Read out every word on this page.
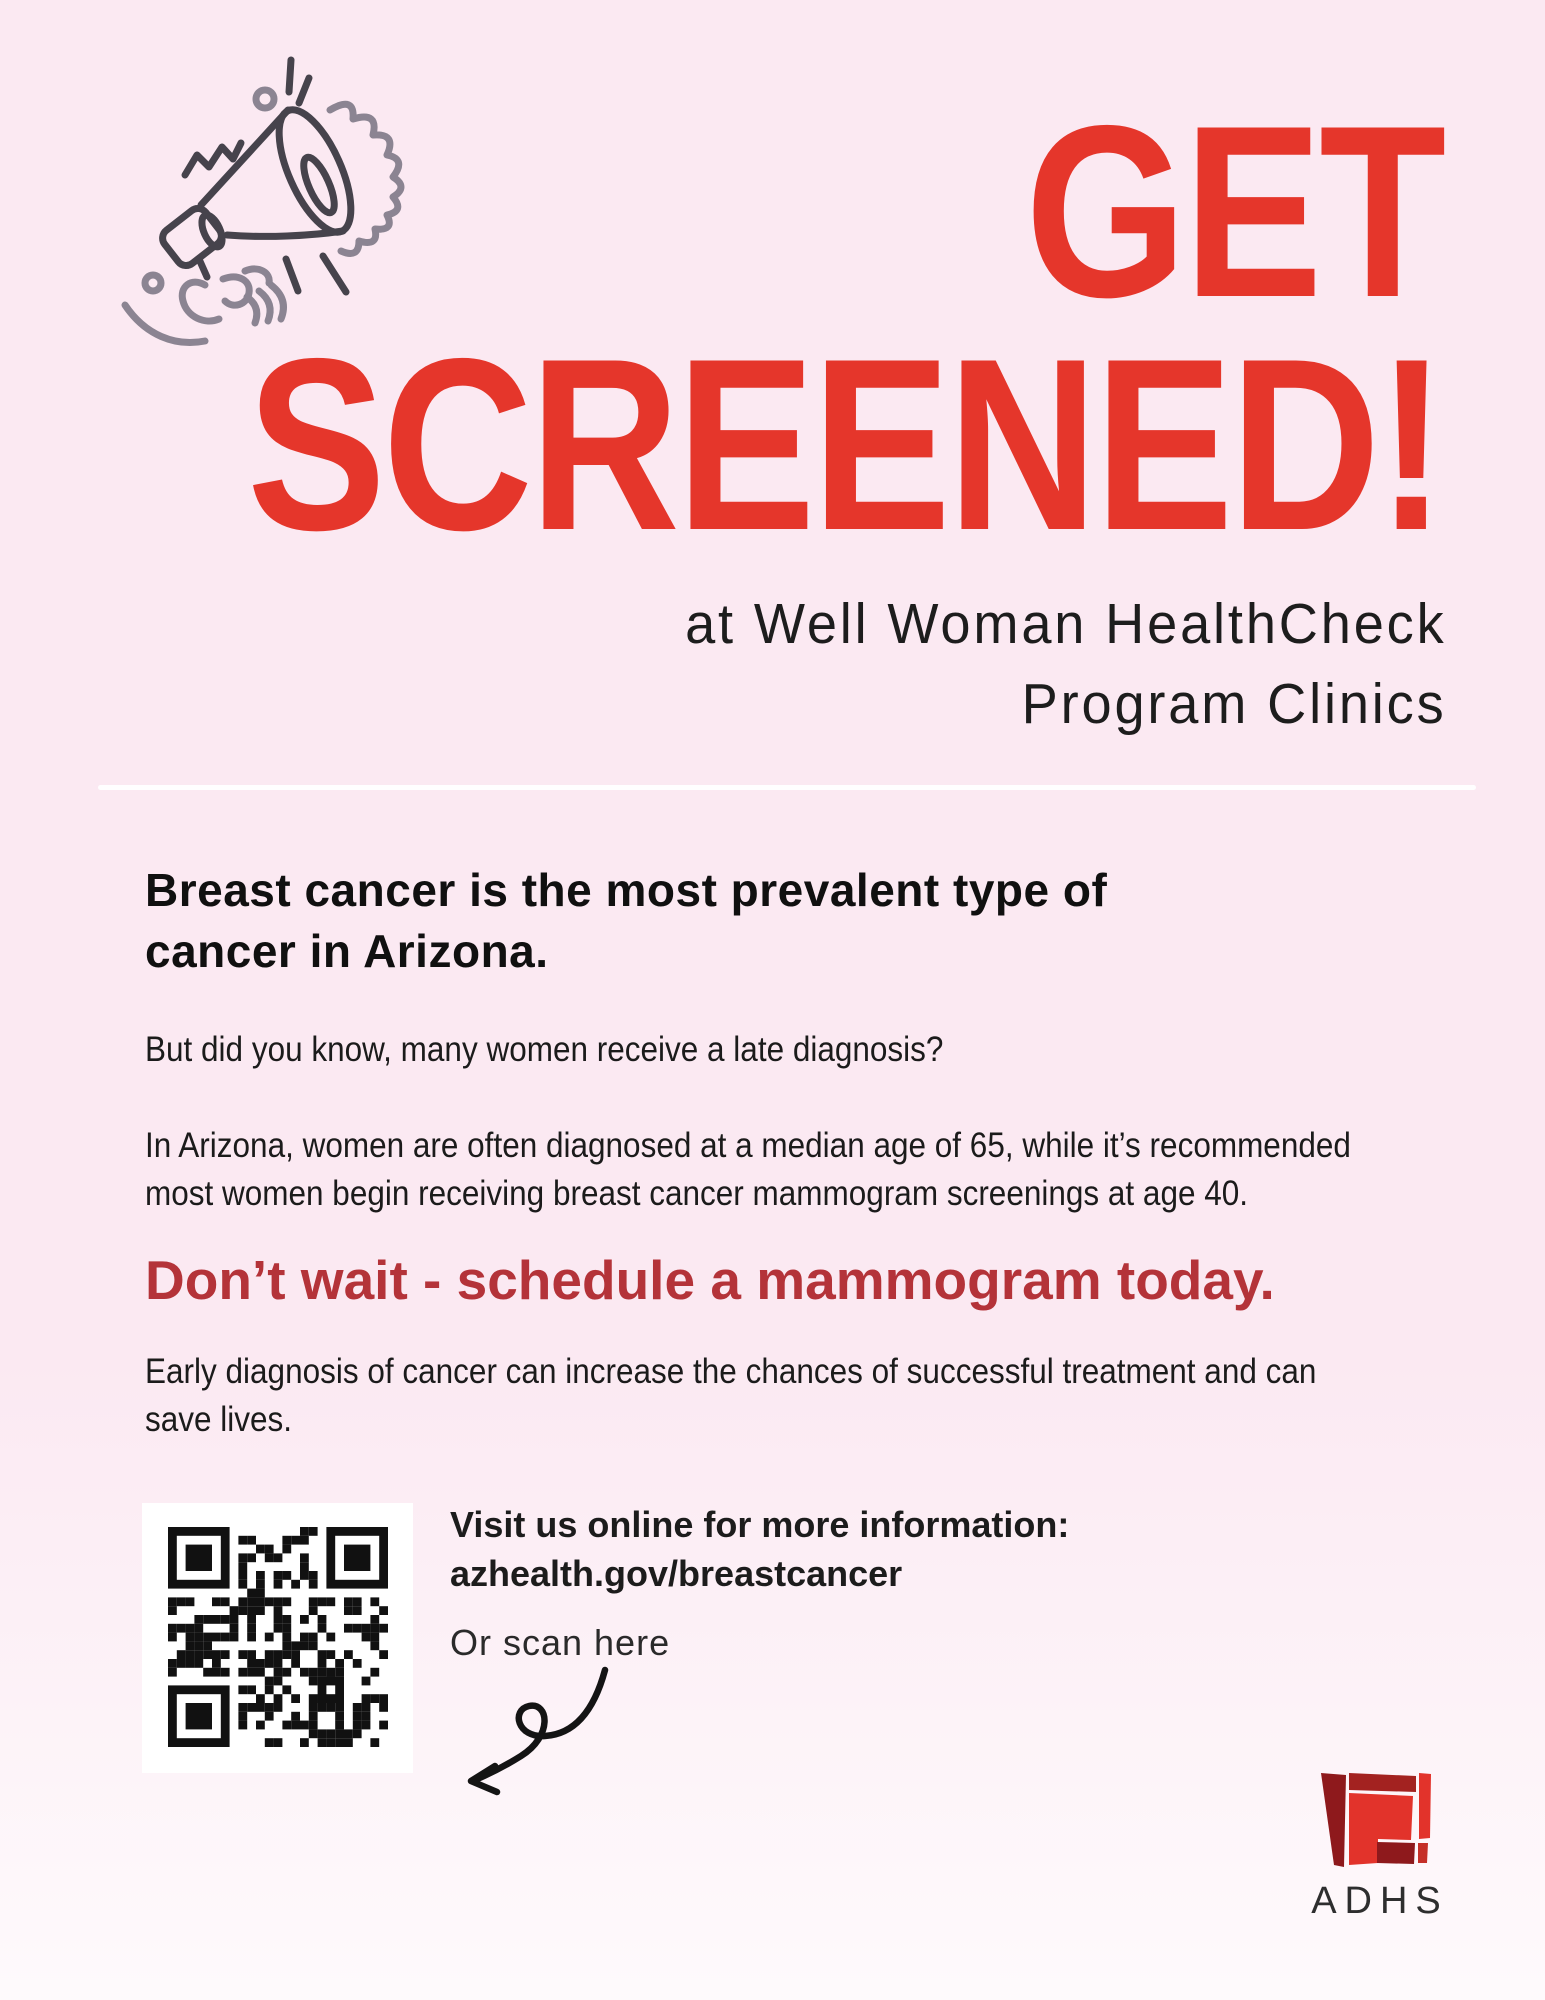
GET
SCREENED!
at Well Woman HealthCheck
Program Clinics
Breast cancer is the most prevalent type of
cancer in Arizona.
But did you know, many women receive a late diagnosis?
In Arizona, women are often diagnosed at a median age of 65, while it’s recommended
most women begin receiving breast cancer mammogram screenings at age 40.
Don’t wait - schedule a mammogram today.
Early diagnosis of cancer can increase the chances of successful treatment and can
save lives.
Visit us online for more information:
azhealth.gov/breastcancer
Or scan here
ADHS
